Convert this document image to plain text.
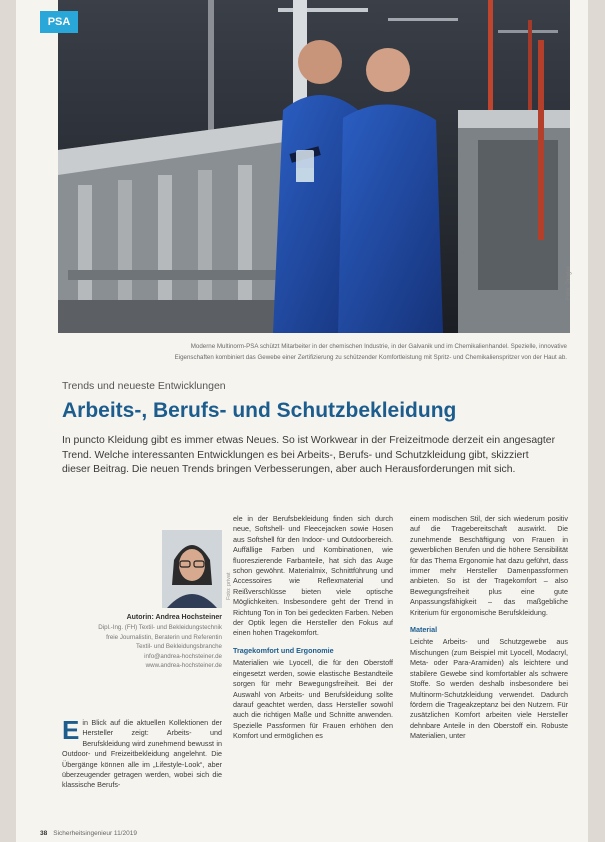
PSA
Foto: Dräger
Moderne Multinorm-PSA schützt Mitarbeiter in der chemischen Industrie, in der Galvanik und im Chemikalienhandel. Spezielle, innovative
Eigenschaften kombiniert das Gewebe einer Zertifizierung zu schützender Komfortleistung mit Spritz- und Chemikalienspritzer von der Haut ab.
Trends und neueste Entwicklungen
Arbeits-, Berufs- und Schutzbekleidung
In puncto Kleidung gibt es immer etwas Neues. So ist Workwear in der Freizeitmode derzeit ein angesagter Trend. Welche interessanten Entwicklungen es bei Arbeits-, Berufs- und Schutzkleidung gibt, skizziert dieser Beitrag. Die neuen Trends bringen Verbesserungen, aber auch Herausforderungen mit sich.
Foto: privat
Autorin: Andrea Hochsteiner
Dipl.-Ing. (FH) Textil- und Bekleidungstechnik
freie Journalistin, Beraterin und Referentin
Textil- und Bekleidungsbranche
info@andrea-hochsteiner.de
www.andrea-hochsteiner.de

Ein Blick auf die aktuellen Kollektionen der Hersteller zeigt: Arbeits- und Berufskleidung wird zunehmend bewusst in Outdoor- und Freizeitbekleidung angelehnt. Die Übergänge können alle im „Lifestyle-Look“, aber überzeugender getragen werden, wobei sich die klassische Berufs-

ele in der Berufsbekleidung finden sich durch neue, Softshell- und Fleecejacken sowie Hosen aus Softshell für den Indoor- und Outdoorbereich. Auffällige Farben und Kombinationen, wie fluoreszierende Farbanteile, hat sich das Auge schon gewöhnt. Materialmix, Schnittführung und Accessoires wie Reflexmaterial und Reißverschlüsse bieten viele optische Möglichkeiten. Insbesondere geht der Trend in Richtung Ton in Ton bei gedeckten Farben. Neben der Optik legen die Hersteller den Fokus auf einen hohen Tragekomfort.

Tragekomfort und Ergonomie

Materialien wie Lyocell, die für den Oberstoff eingesetzt werden, sowie elastische Bestandteile sorgen für mehr Bewegungsfreiheit. Bei der Auswahl von Arbeits- und Berufskleidung sollte darauf geachtet werden, dass Hersteller sowohl auch die richtigen Maße und Schnitte anwenden. Spezielle Passformen für Frauen erhöhen den Komfort und ermöglichen es

einem modischen Stil, der sich wiederum positiv auf die Tragebereitschaft auswirkt. Die zunehmende Beschäftigung von Frauen in gewerblichen Berufen und die höhere Sensibilität für das Thema Ergonomie hat dazu geführt, dass immer mehr Hersteller Damenpassformen anbieten. So ist der Tragekomfort – also Bewegungsfreiheit plus eine gute Anpassungsfähigkeit – das maßgebliche Kriterium für ergonomische Berufskleidung.

Material

Leichte Arbeits- und Schutzgewebe aus Mischungen (zum Beispiel mit Lyocell, Modacryl, Meta- oder Para-Aramiden) als leichtere und stabilere Gewebe sind komfortabler als schwere Stoffe. So werden deshalb insbesondere bei Multinorm-Schutzkleidung verwendet. Dadurch fördern die Trageakzeptanz bei den Nutzern. Für zusätzlichen Komfort arbeiten viele Hersteller dehnbare Anteile in den Oberstoff ein. Robuste Materialien, unter

38 Sicherheitsingenieur 11/2019
